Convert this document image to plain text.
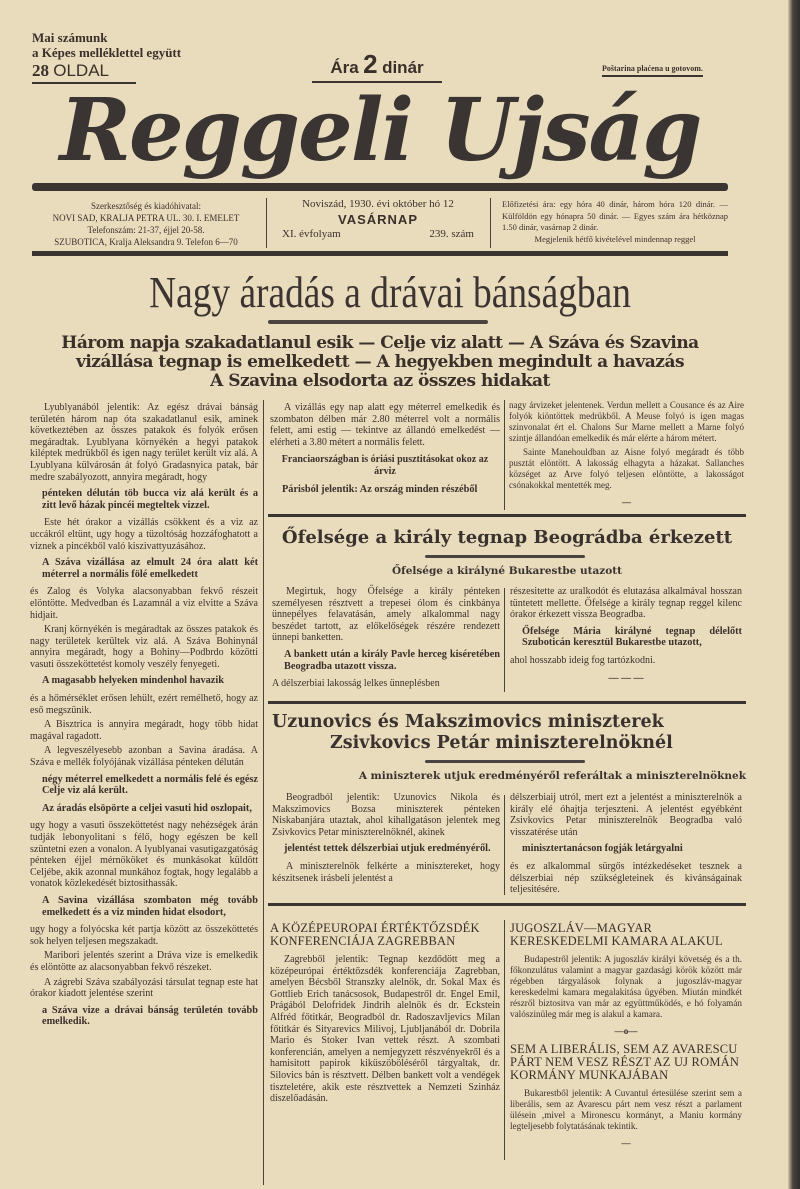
Mai számunk
a Képes melléklettel együtt
28 OLDAL	Ára 2 dinár	Poštarina plaćena u gotovom.
Reggeli Ujság
Szerkesztőség és kiadóhivatal:
NOVI SAD, KRALJA PETRA UL. 30. I. EMELET
Telefonszám: 21-37, éjjel 20-58.
SZUBOTICA, Kralja Aleksandra 9. Telefon 6—70
Noviszád, 1930. évi október hó 12
VASÁRNAP
XI. évfolyam	239. szám
Előfizetési ára: egy hóra 40 dinár, három hóra 120 dinár. — Külföldön egy hónapra 50 dinár. — Egyes szám ára hétköznap 1.50 dinár, vasárnap 2 dinár.
Megjelenik hétfő kivételével mindennap reggel
Nagy áradás a drávai bánságban
Három napja szakadatlanul esik — Celje viz alatt — A Száva és Szavina
vizállása tegnap is emelkedett — A hegyekben megindult a havazás
A Szavina elsodorta az összes hidakat

Lyublyanából jelentik: Az egész drávai bánság területén három nap óta szakadatlanul esik, aminek következtében az összes patakok és folyók erősen megáradtak. Lyublyana környékén a hegyi patakok kiléptek medrükből és igen nagy terület került viz alá. A Lyublyana külvárosán át folyó Gradasnyica patak, bár medre szabályozott, annyira megáradt, hogy

pénteken délután töb bucca viz alá került és a zitt levő házak pincéi megteltek vizzel.

Este hét órakor a vizállás csökkent és a viz az uccákról eltünt, ugy hogy a tüzoltóság hozzáfoghatott a viznek a pincékből való kiszivattyuzásához.

A Száva vizállása az elmult 24 óra alatt két méterrel a normális fölé emelkedett

és Zalog és Volyka alacsonyabban fekvő részeit elöntötte. Medvedban és Lazamnál a viz elvitte a Száva hidjait.

Kranj környékén is megáradtak az összes patakok és nagy területek kerültek viz alá. A Száva Bohinynál annyira megáradt, hogy a Bohiny—Podbrdo közötti vasuti összeköttetést komoly veszély fenyegeti.

A magasabb helyeken mindenhol havazik

és a hőmérséklet erősen lehült, ezért remélhető, hogy az eső megszünik.

A Bisztrica is annyira megáradt, hogy több hidat magával ragadott.

A legveszélyesebb azonban a Savina áradása. A Száva e mellék folyójának vizállása pénteken délután

négy méterrel emelkedett a normális felé és egész Celje viz alá került.

Az áradás elsöpörte a celjei vasuti hid oszlopait,

ugy hogy a vasuti összeköttetést nagy nehézségek árán tudják lebonyolitani s félő, hogy egészen be kell szüntetni ezen a vonalon. A lyublyanai vasutigazgatóság pénteken éjjel mérnököket és munkásokat küldött Celjébe, akik azonnal munkához fogtak, hogy legalább a vonatok közlekedését biztosithassák.

A Savina vizállása szombaton még tovább emelkedett és a viz minden hidat elsodort,

ugy hogy a folyócska két partja között az összeköttetés sok helyen teljesen megszakadt.

Maribori jelentés szerint a Dráva vize is emelkedik és elöntötte az alacsonyabban fekvő részeket.

A zágrebi Száva szabályozási társulat tegnap este hat órakor kiadott jelentése szerint

a Száva vize a drávai bánság területén tovább emelkedik.

A vizállás egy nap alatt egy méterrel emelkedik és szombaton délben már 2.80 méterrel volt a normális felett, ami estig — tekintve az állandó emelkedést — elérheti a 3.80 métert a normális felett.

Franciaországban is óriási pusztitásokat okoz az árviz

Párisból jelentik: Az ország minden részéből

nagy árvizeket jelentenek. Verdun mellett a Cousance és az Aire folyók kiöntöttek medrükből. A Meuse folyó is igen magas szinvonalat ért el. Chalons Sur Marne mellett a Marne folyó szintje állandóan emelkedik és már elérte a három métert.

Sainte Manehouldban az Aisne folyó megáradt és több pusztát elöntött. A lakosság elhagyta a házakat. Sallanches községet az Arve folyó teljesen elöntötte, a lakosságot csónakokkal mentették meg.

—

Őfelsége a király tegnap Beográdba érkezett
Őfelsége a királyné Bukarestbe utazott

Megirtuk, hogy Őfelsége a király pénteken személyesen résztvett a trepesei ólom és cinkbánya ünnepélyes felavatásán, amely alkalommal nagy beszédet tartott, az előkelőségek részére rendezett ünnepi banketten.

A bankett után a király Pavle herceg kiséretében Beogradba utazott vissza.

A délszerbiai lakosság lelkes ünneplésben

részesitette az uralkodót és elutazása alkalmával hosszan tüntetett mellette. Őfelsége a király tegnap reggel kilenc órakor érkezett vissza Beogradba.

Őfelsége Mária királyné tegnap délelőtt Szuboticán keresztül Bukarestbe utazott,

ahol hosszabb ideig fog tartózkodni.

— — —

Uzunovics és Makszimovics miniszterek
Zsivkovics Petár miniszterelnöknél
A miniszterek utjuk eredményéről referáltak a miniszterelnöknek

Beogradból jelentik: Uzunovics Nikola és Makszimovics Bozsa miniszterek pénteken Niskabanjára utaztak, ahol kihallgatáson jelentek meg Zsivkovics Petar miniszterelnöknél, akinek

jelentést tettek délszerbiai utjuk eredményéről.

A miniszterelnök felkérte a minisztereket, hogy készitsenek irásbeli jelentést a

délszerbiaij utról, mert ezt a jelentést a miniszterelnök a király elé óhajtja terjeszteni. A jelentést egyébként Zsivkovics Petar miniszterelnök Beogradba való visszatérése után

minisztertanácson fogják letárgyalni

és ez alkalommal sürgős intézkedéseket tesznek a délszerbiai nép szükségleteinek és kivánságainak teljesitésére.

A KÖZÉPEUROPAI ÉRTÉKTŐZSDÉK KONFERENCIÁJA ZAGREBBAN

Zagrebből jelentik: Tegnap kezdődött meg a középeurópai értéktőzsdék konferenciája Zagrebban, amelyen Bécsből Stranszky alelnök, dr. Sokal Max és Gottlieb Erich tanácsosok, Budapestről dr. Engel Emil, Prágából Delofridek Jindrih alelnök és dr. Eckstein Alfréd főtitkár, Beogradból dr. Radoszavljevics Milan főtitkár és Sityarevics Milivoj, Ljubljanából dr. Dobrila Mario és Stoker Ivan vettek részt. A szombati konferencián, amelyen a nemjegyzett részvényekről és a hamisitott papirok kiküszöböléséről tárgyaltak, dr. Silovics bán is résztvett. Délben bankett volt a vendégek tiszteletére, akik este résztvettek a Nemzeti Szinház diszelőadásán.

JUGOSZLÁV—MAGYAR KERESKEDELMI KAMARA ALAKUL

Budapestről jelentik: A jugoszláv királyi követség és a th. főkonzulátus valamint a magyar gazdasági körök között már régebben tárgyalások folynak a jugoszláv-magyar kereskedelmi kamara megalakitása ügyében. Miután mindkét részről biztositva van már az együttműködés, e hó folyamán valószinüleg már meg is alakul a kamara.

—o—

SEM A LIBERÁLIS, SEM AZ AVARESCU PÁRT NEM VESZ RÉSZT AZ UJ ROMÁN KORMÁNY MUNKAJÁBAN

Bukarestből jelentik: A Cuvantul értesülése szerint sem a liberális, sem az Avarescu párt nem vesz részt a parlament ülésein ,mivel a Mironescu kormányt, a Maniu kormány legteljesebb folytatásának tekintik.

—
